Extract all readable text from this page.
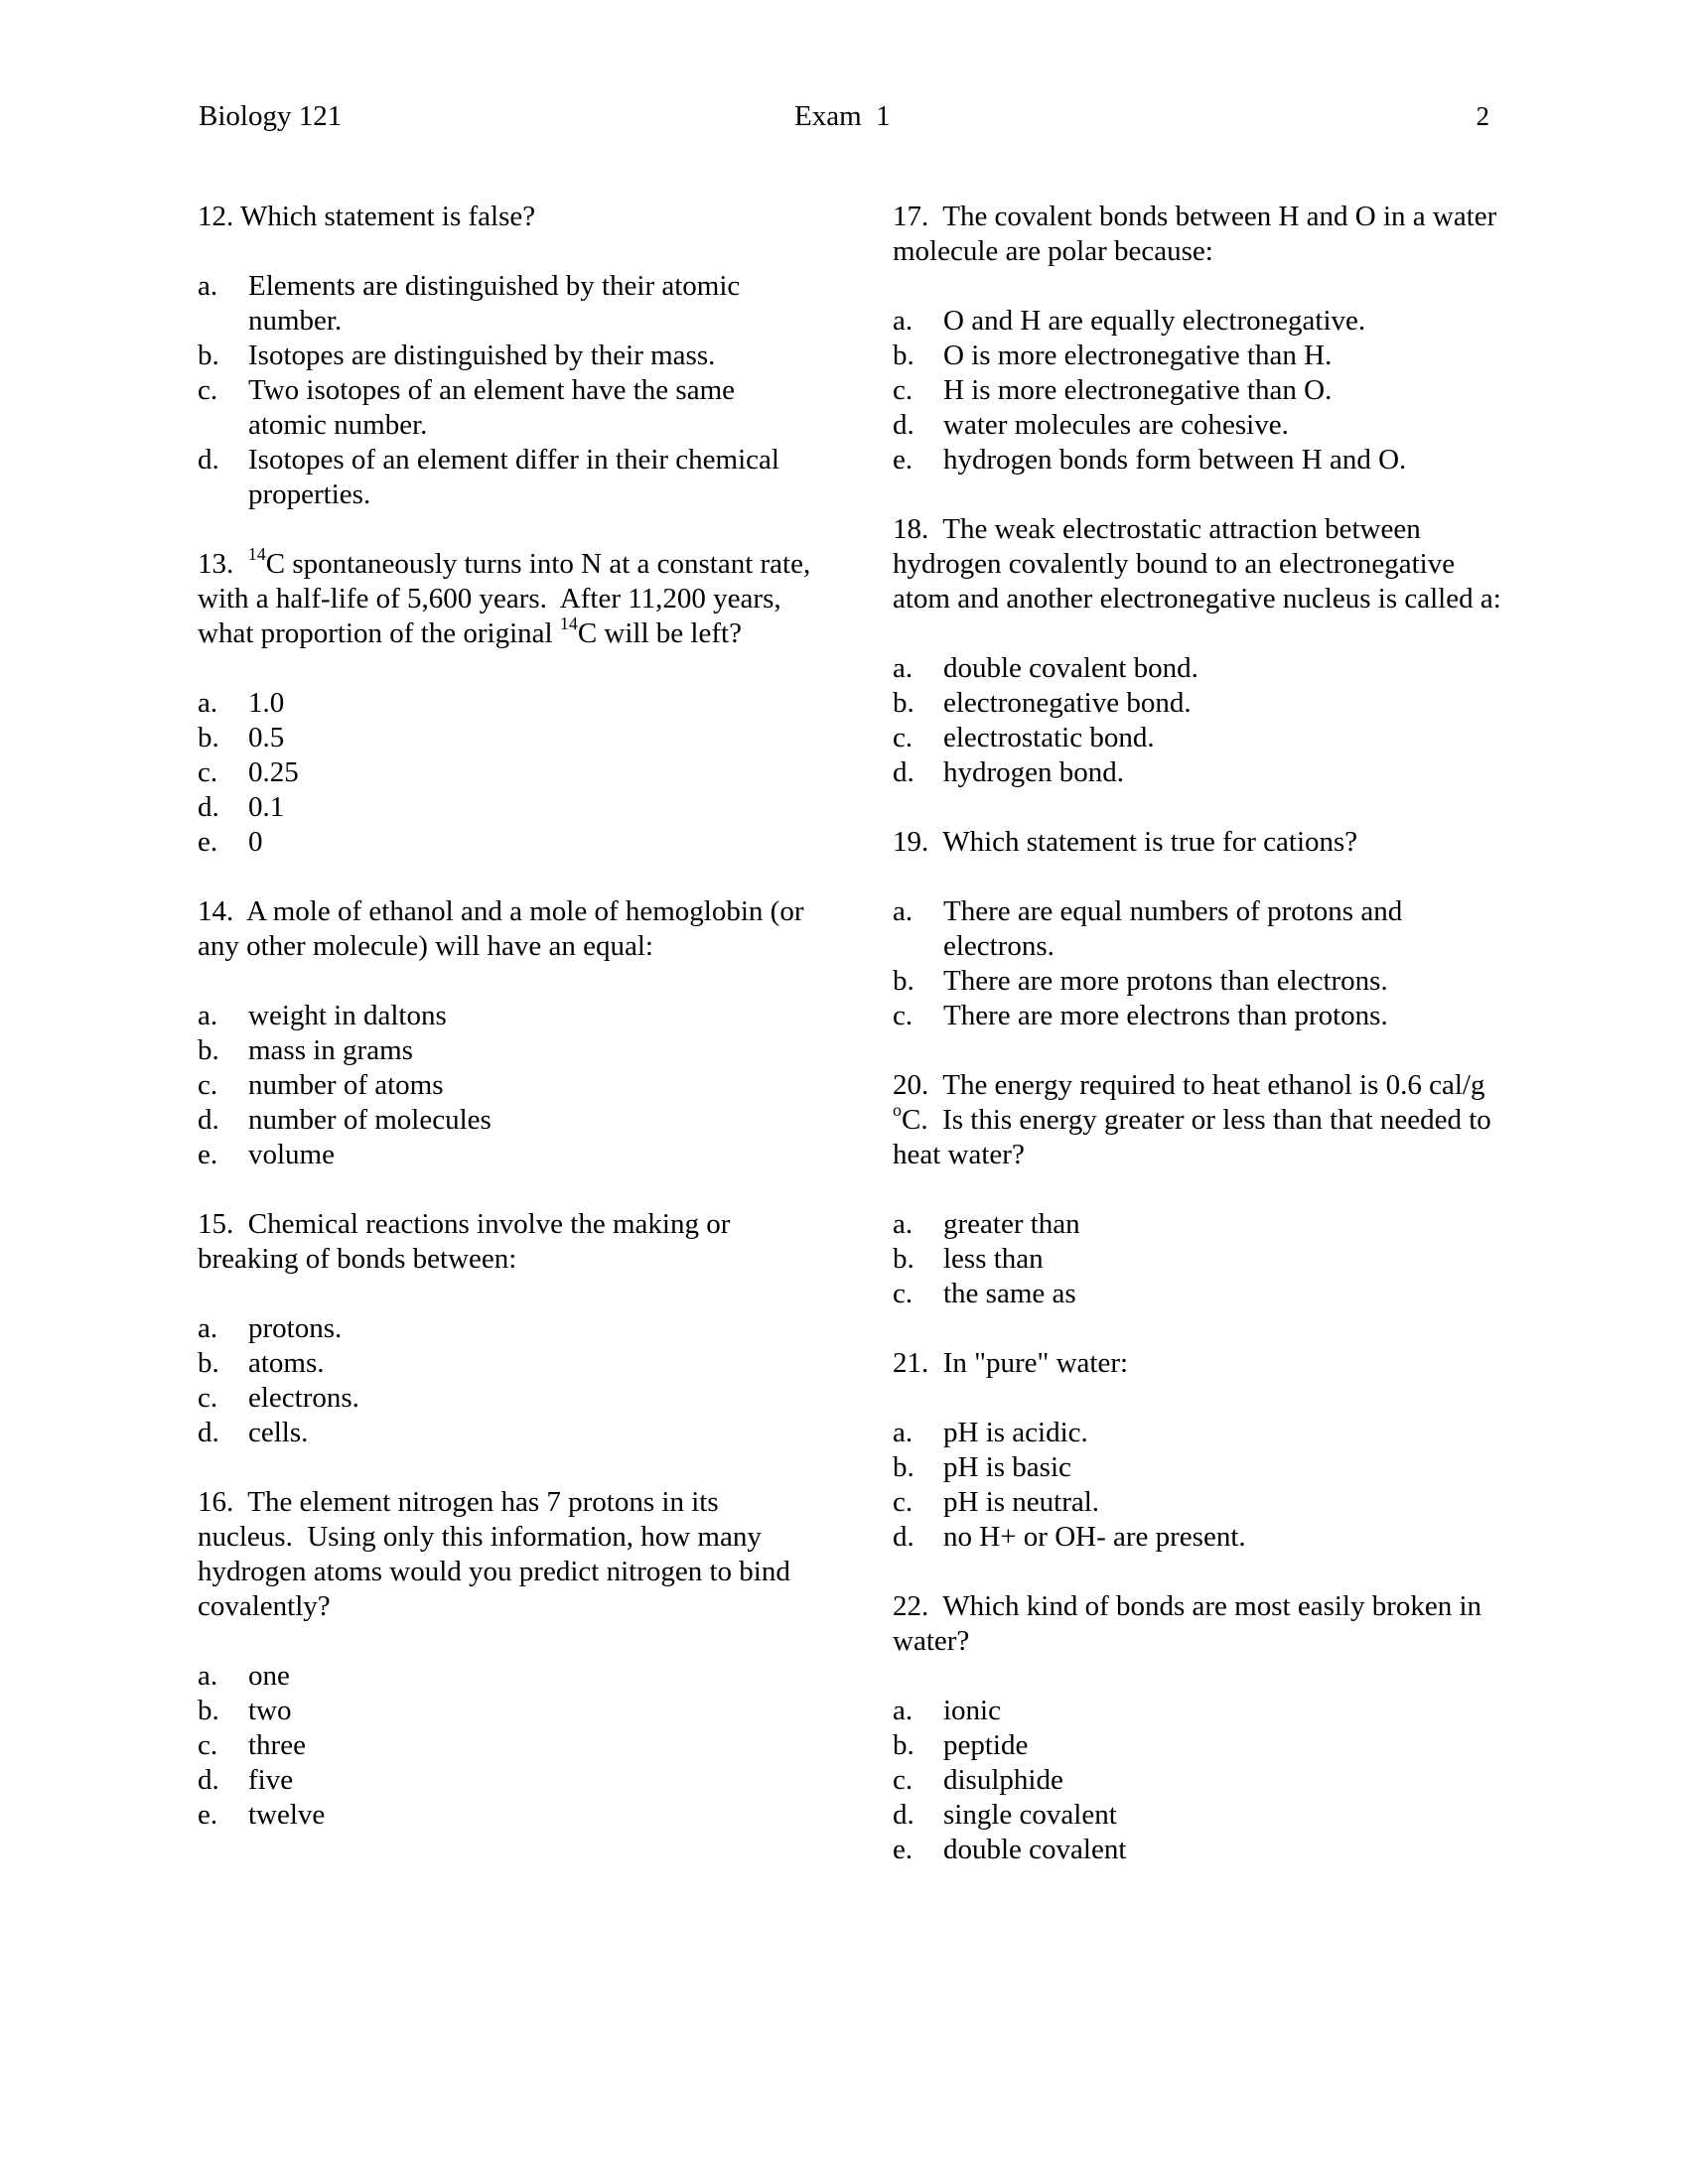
Biology 121	Exam  1	2
12. Which statement is false?
a.	Elements are distinguished by their atomic number.
b.	Isotopes are distinguished by their mass.
c.	Two isotopes of an element have the same atomic number.
d.	Isotopes of an element differ in their chemical properties.
13. $^{14}$C spontaneously turns into N at a constant rate, with a half-life of 5,600 years.  After 11,200 years, what proportion of the original $^{14}$C will be left?
a.	1.0
b.	0.5
c.	0.25
d.	0.1
e.	0
14.  A mole of ethanol and a mole of hemoglobin (or any other molecule) will have an equal:
a.	weight in daltons
b.	mass in grams
c.	number of atoms
d.	number of molecules
e.	volume
15.  Chemical reactions involve the making or breaking of bonds between:
a.	protons.
b.	atoms.
c.	electrons.
d.	cells.
16.  The element nitrogen has 7 protons in its nucleus.  Using only this information, how many hydrogen atoms would you predict nitrogen to bind covalently?
a.	one
b.	two
c.	three
d.	five
e.	twelve
17.  The covalent bonds between H and O in a water molecule are polar because:
a.	O and H are equally electronegative.
b.	O is more electronegative than H.
c.	H is more electronegative than O.
d.	water molecules are cohesive.
e.	hydrogen bonds form between H and O.
18.  The weak electrostatic attraction between hydrogen covalently bound to an electronegative atom and another electronegative nucleus is called a:
a.	double covalent bond.
b.	electronegative bond.
c.	electrostatic bond.
d.	hydrogen bond.
19.  Which statement is true for cations?
a.	There are equal numbers of protons and electrons.
b.	There are more protons than electrons.
c.	There are more electrons than protons.
20.  The energy required to heat ethanol is 0.6 cal/g $^o$C.  Is this energy greater or less than that needed to heat water?
a.	greater than
b.	less than
c.	the same as
21.  In "pure" water:
a.	pH is acidic.
b.	pH is basic
c.	pH is neutral.
d.	no H+ or OH- are present.
22.  Which kind of bonds are most easily broken in water?
a.	ionic
b.	peptide
c.	disulphide
d.	single covalent
e.	double covalent
